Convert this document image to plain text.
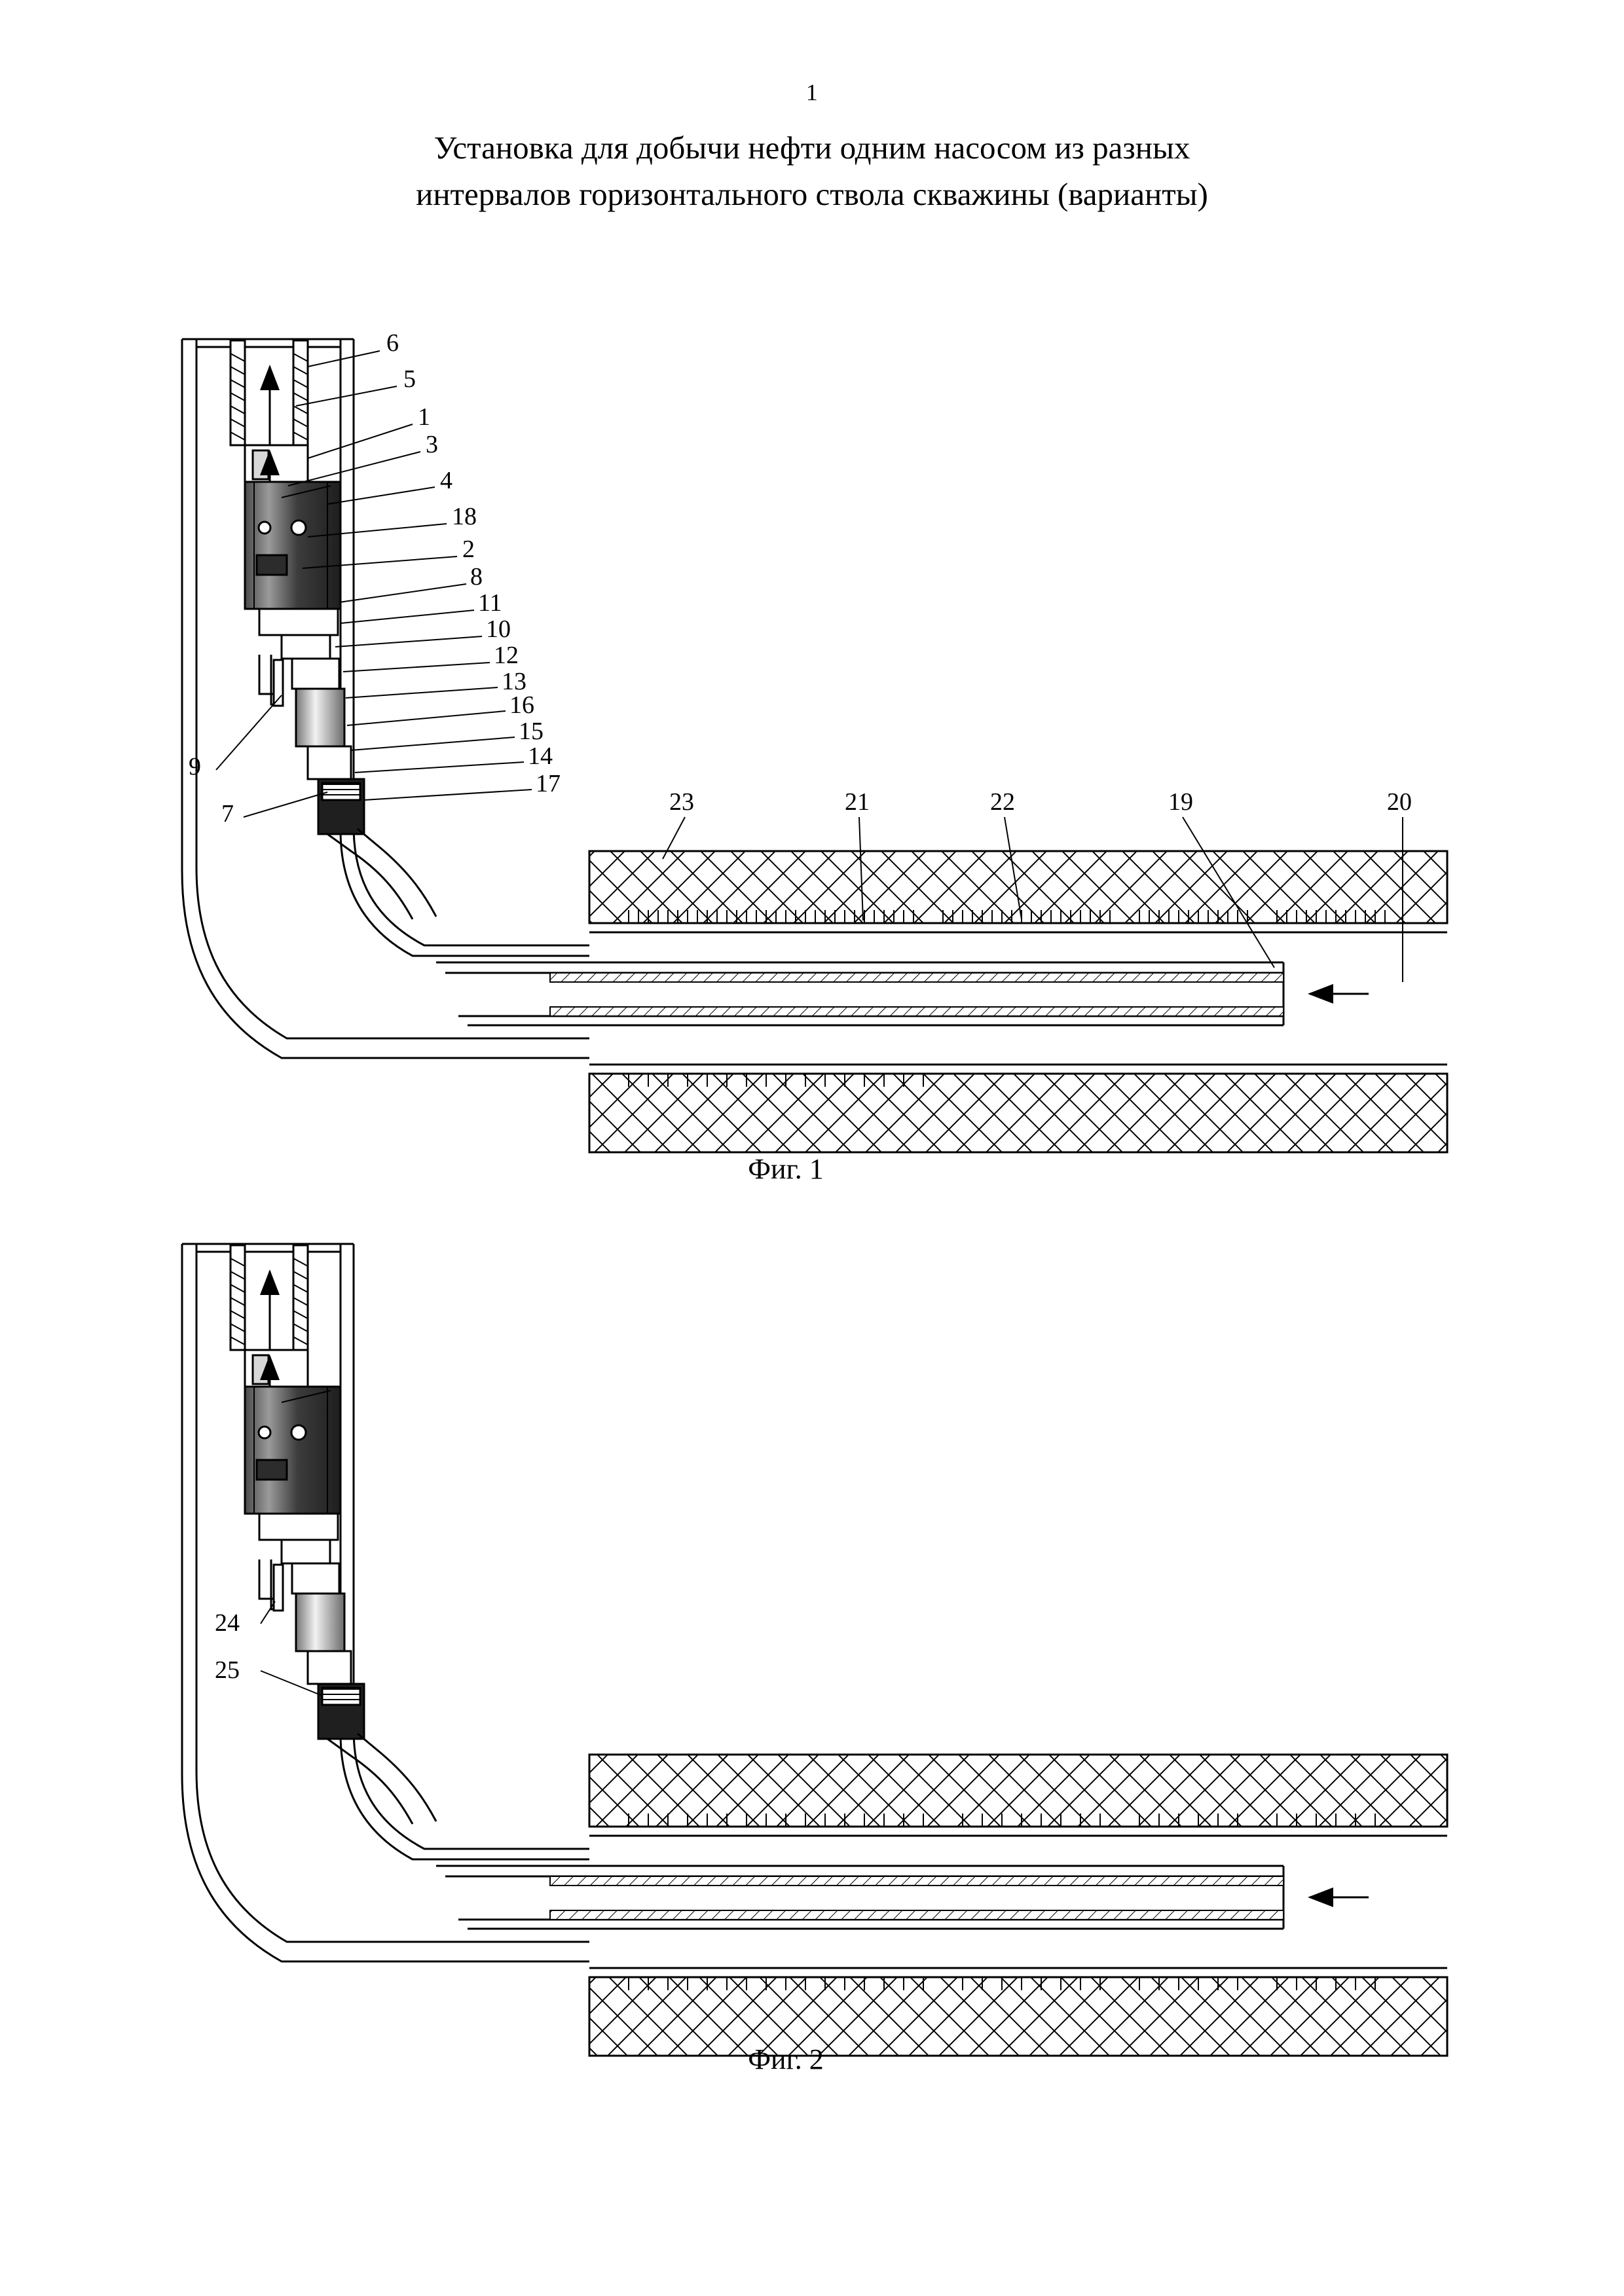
1
Установка для добычи нефти одним насосом из разных
интервалов горизонтального ствола скважины (варианты)
6
5
1
3
4
18
2
8
11
10
12
13
16
15
14
17
9
7	23	21	22	19	20
Фиг. 1
24
25
Фиг. 2
